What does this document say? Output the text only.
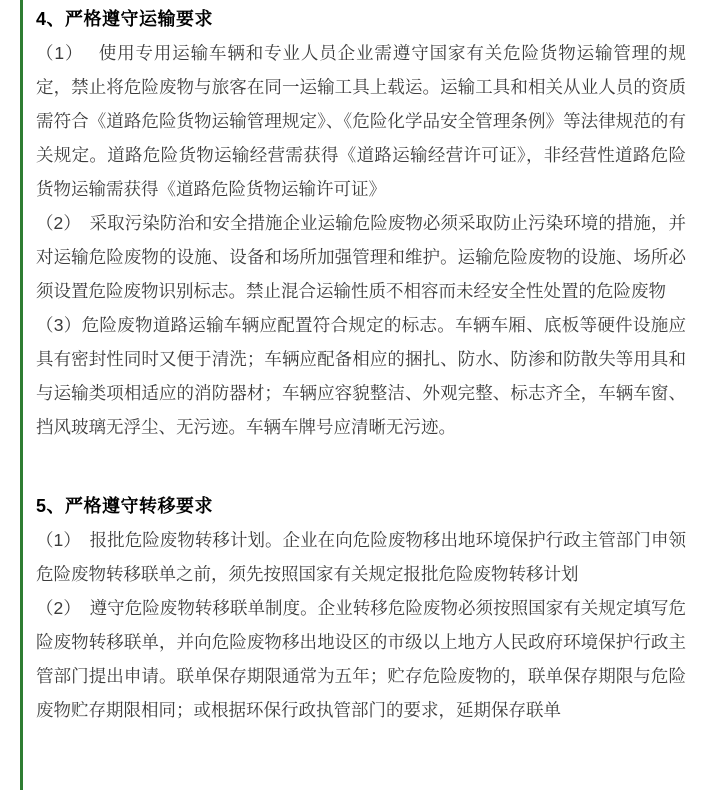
4、严格遵守运输要求

（1）　 使用专用运输车辆和专业人员企业需遵守国家有关危险货物运输管理的规定，禁止将危险废物与旅客在同一运输工具上载运。运输工具和相关从业人员的资质需符合《道路危险货物运输管理规定》、《危险化学品安全管理条例》等法律规范的有关规定。道路危险货物运输经营需获得《道路运输经营许可证》，非经营性道路危险货物运输需获得《道路危险货物运输许可证》

（2）　采取污染防治和安全措施企业运输危险废物必须采取防止污染环境的措施，并对运输危险废物的设施、设备和场所加强管理和维护。运输危险废物的设施、场所必须设置危险废物识别标志。禁止混合运输性质不相容而未经安全性处置的危险废物

（3）危险废物道路运输车辆应配置符合规定的标志。车辆车厢、底板等硬件设施应具有密封性同时又便于清洗；车辆应配备相应的捆扎、防水、防渗和防散失等用具和与运输类项相适应的消防器材；车辆应容貌整洁、外观完整、标志齐全，车辆车窗、挡风玻璃无浮尘、无污迹。车辆车牌号应清晰无污迹。

5、严格遵守转移要求

（1）　报批危险废物转移计划。企业在向危险废物移出地环境保护行政主管部门申领危险废物转移联单之前，须先按照国家有关规定报批危险废物转移计划

（2）　遵守危险废物转移联单制度。企业转移危险废物必须按照国家有关规定填写危险废物转移联单，并向危险废物移出地设区的市级以上地方人民政府环境保护行政主管部门提出申请。联单保存期限通常为五年；贮存危险废物的，联单保存期限与危险废物贮存期限相同；或根据环保行政执管部门的要求，延期保存联单
